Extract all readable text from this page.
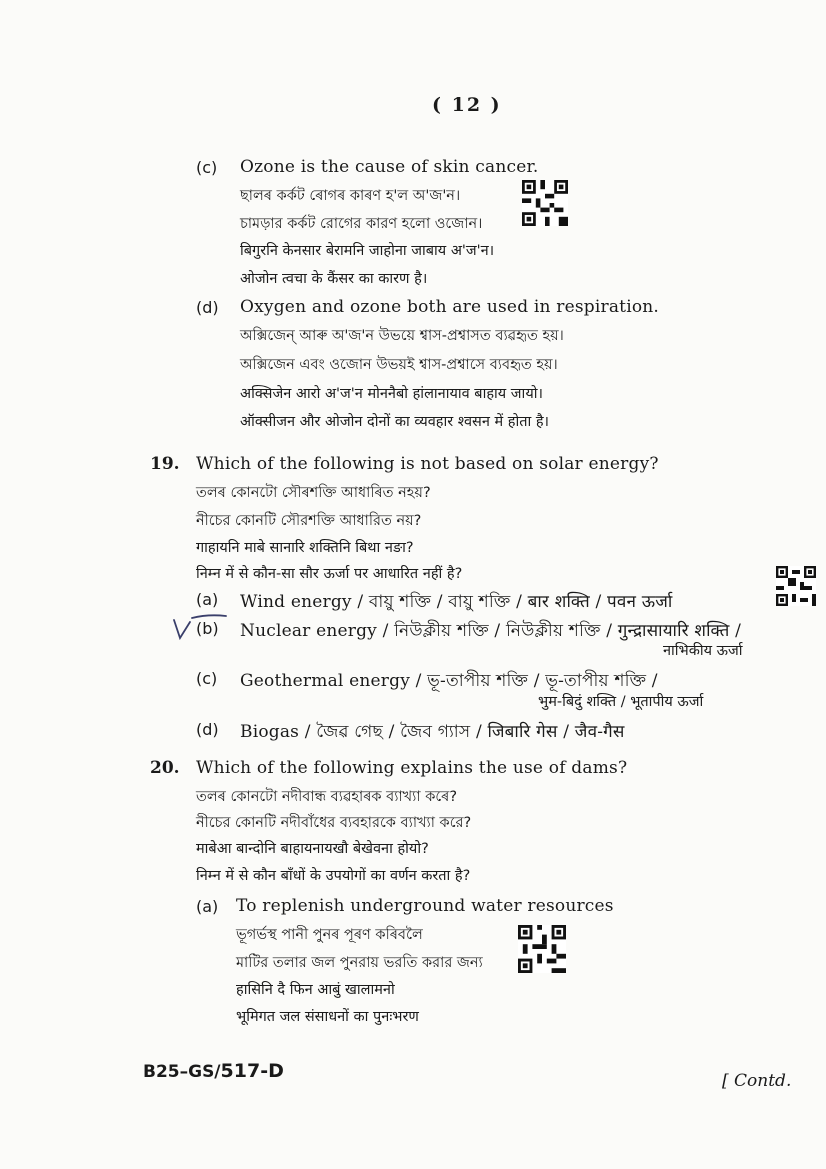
( 12 )
(c) Ozone is the cause of skin cancer.
ছালৰ কৰ্কট ৰোগৰ কাৰণ হ'ল অ'জ'ন।
চামড়ার কর্কট রোগের কারণ হলো ওজোন।
बिगुरनि केनसार बेरामनि जाहोना जाबाय अ'ज'न।
ओजोन त्वचा के कैंसर का कारण है।
(d) Oxygen and ozone both are used in respiration.
অক্সিজেন্ আৰু অ'জ'ন উভয়ে শ্বাস-প্ৰশ্বাসত ব্যৱহৃত হয়।
অক্সিজেন এবং ওজোন উভয়ই শ্বাস-প্রশ্বাসে ব্যবহৃত হয়।
अक्सिजेन आरो अ'ज'न मोननैबो हांलानायाव बाहाय जायो।
ऑक्सीजन और ओजोन दोनों का व्यवहार श्वसन में होता है।
19. Which of the following is not based on solar energy?
তলৰ কোনটো সৌৰশক্তি আধাৰিত নহয়?
নীচের কোনটি সৌরশক্তি আধারিত নয়?
गाहायनि माबे सानारि शक्तिनि बिथा नङा?
निम्न में से कौन-सा सौर ऊर्जा पर आधारित नहीं है?
(a) Wind energy / বায়ু শক্তি / বায়ু শক্তি / बार शक्ति / पवन ऊर्जा
(b) Nuclear energy / নিউক্লীয় শক্তি / নিউক্লীয় শক্তি / गुन्द्रासायारि शक्ति /
नाभिकीय ऊर्जा
(c) Geothermal energy / ভূ-তাপীয় শক্তি / ভূ-তাপীয় শক্তি /
भुम-बिदुं शक्ति / भूतापीय ऊर्जा
(d) Biogas / জৈৱ গেছ / জৈব গ্যাস / जिबारि गेस / जैव-गैस
20. Which of the following explains the use of dams?
তলৰ কোনটো নদীবান্ধ ব্যৱহাৰক ব্যাখ্যা কৰে?
নীচের কোনটি নদীবাঁধের ব্যবহারকে ব্যাখ্যা করে?
माबेआ बान्दोनि बाहायनायखौ बेखेवना होयो?
निम्न में से कौन बाँधों के उपयोगों का वर्णन करता है?
(a) To replenish underground water resources
ভূগৰ্ভস্থ পানী পুনৰ পূৰণ কৰিবলৈ
মাটির তলার জল পুনরায় ভরতি করার জন্য
हासिनि दै फिन आबुं खालामनो
भूमिगत जल संसाधनों का पुनःभरण
B25–GS/517-D	[ Contd.
